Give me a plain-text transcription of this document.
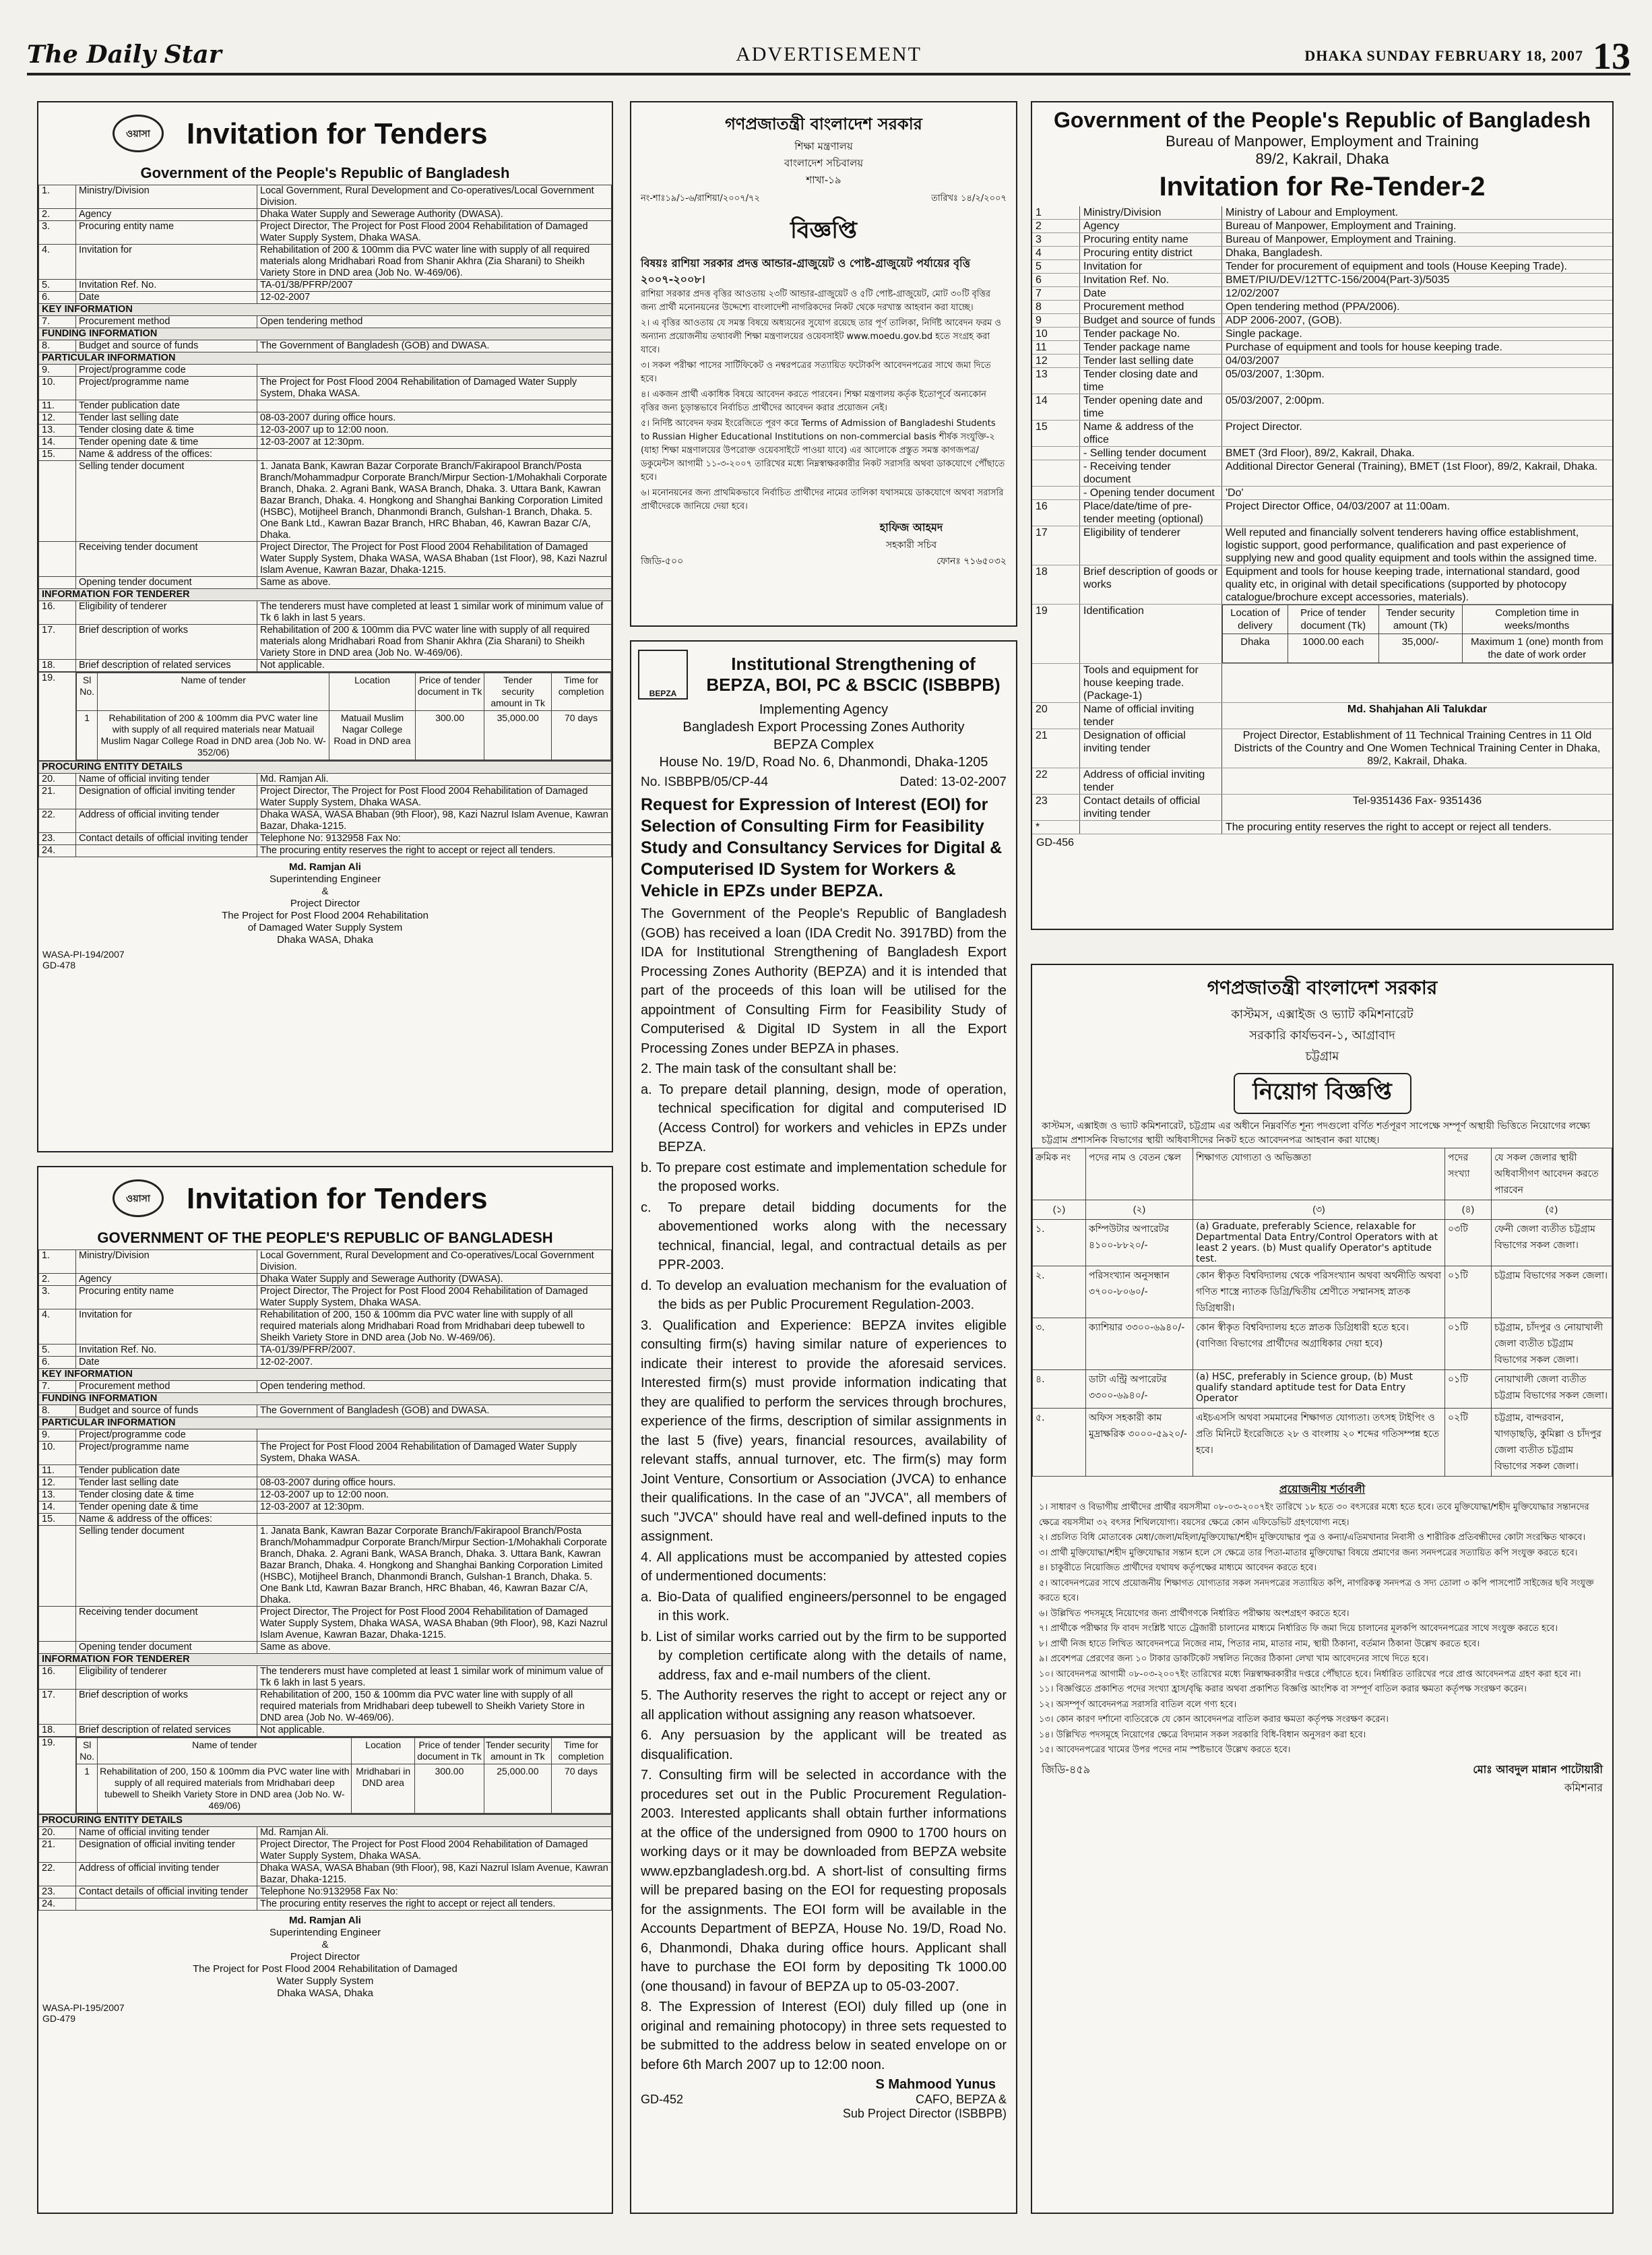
The Daily Star	ADVERTISEMENT	DHAKA SUNDAY FEBRUARY 18, 2007 13
ওয়াসা	Invitation for Tenders
Government of the People's Republic of Bangladesh
1.	Ministry/Division	Local Government, Rural Development and Co-operatives/Local Government Division.
2.	Agency	Dhaka Water Supply and Sewerage Authority (DWASA).
3.	Procuring entity name	Project Director, The Project for Post Flood 2004 Rehabilitation of Damaged Water Supply System, Dhaka WASA.
4.	Invitation for	Rehabilitation of 200 & 100mm dia PVC water line with supply of all required materials along Mridhabari Road from Shanir Akhra (Zia Sharani) to Sheikh Variety Store in DND area (Job No. W-469/06).
5.	Invitation Ref. No.	TA-01/38/PFRP/2007
6.	Date	12-02-2007
KEY INFORMATION		
7.	Procurement method	Open tendering method
FUNDING INFORMATION		
8.	Budget and source of funds	The Government of Bangladesh (GOB) and DWASA.
PARTICULAR INFORMATION		
9.	Project/programme code	
10.	Project/programme name	The Project for Post Flood 2004 Rehabilitation of Damaged Water Supply System, Dhaka WASA.
11.	Tender publication date	
12.	Tender last selling date	08-03-2007 during office hours.
13.	Tender closing date & time	12-03-2007 up to 12:00 noon.
14.	Tender opening date & time	12-03-2007 at 12:30pm.
15.	Name & address of the offices:	
	Selling tender document	1. Janata Bank, Kawran Bazar Corporate Branch/Fakirapool Branch/Posta Branch/Mohammadpur Corporate Branch/Mirpur Section-1/Mohakhali Corporate Branch, Dhaka. 2. Agrani Bank, WASA Branch, Dhaka. 3. Uttara Bank, Kawran Bazar Branch, Dhaka. 4. Hongkong and Shanghai Banking Corporation Limited (HSBC), Motijheel Branch, Dhanmondi Branch, Gulshan-1 Branch, Dhaka. 5. One Bank Ltd., Kawran Bazar Branch, HRC Bhaban, 46, Kawran Bazar C/A, Dhaka.
	Receiving tender document	Project Director, The Project for Post Flood 2004 Rehabilitation of Damaged Water Supply System, Dhaka WASA, WASA Bhaban (1st Floor), 98, Kazi Nazrul Islam Avenue, Kawran Bazar, Dhaka-1215.
	Opening tender document	Same as above.
INFORMATION FOR TENDERER		
16.	Eligibility of tenderer	The tenderers must have completed at least 1 similar work of minimum value of Tk 6 lakh in last 5 years.
17.	Brief description of works	Rehabilitation of 200 & 100mm dia PVC water line with supply of all required materials along Mridhabari Road from Shanir Akhra (Zia Sharani) to Sheikh Variety Store in DND area (Job No. W-469/06).
18.	Brief description of related services	Not applicable.
19.		Sl No.	Name of tender	Location	Price of tender document in Tk	Tender security amount in Tk	Time for completion
1	Rehabilitation of 200 & 100mm dia PVC water line with supply of all required materials near Matuail Muslim Nagar College Road in DND area (Job No. W-352/06)	Matuail Muslim Nagar College Road in DND area	300.00	35,000.00	70 days
PROCURING ENTITY DETAILS		
20.	Name of official inviting tender	Md. Ramjan Ali.
21.	Designation of official inviting tender	Project Director, The Project for Post Flood 2004 Rehabilitation of Damaged Water Supply System, Dhaka WASA.
22.	Address of official inviting tender	Dhaka WASA, WASA Bhaban (9th Floor), 98, Kazi Nazrul Islam Avenue, Kawran Bazar, Dhaka-1215.
23.	Contact details of official inviting tender	Telephone No: 9132958 Fax No:
24.		The procuring entity reserves the right to accept or reject all tenders.
Md. Ramjan Ali
Superintending Engineer
&
Project Director
The Project for Post Flood 2004 Rehabilitation
of Damaged Water Supply System
Dhaka WASA, Dhaka
WASA-PI-194/2007
GD-478
ওয়াসা	Invitation for Tenders
GOVERNMENT OF THE PEOPLE'S REPUBLIC OF BANGLADESH
1.	Ministry/Division	Local Government, Rural Development and Co-operatives/Local Government Division.
2.	Agency	Dhaka Water Supply and Sewerage Authority (DWASA).
3.	Procuring entity name	Project Director, The Project for Post Flood 2004 Rehabilitation of Damaged Water Supply System, Dhaka WASA.
4.	Invitation for	Rehabilitation of 200, 150 & 100mm dia PVC water line with supply of all required materials along Mridhabari Road from Mridhabari deep tubewell to Sheikh Variety Store in DND area (Job No. W-469/06).
5.	Invitation Ref. No.	TA-01/39/PFRP/2007.
6.	Date	12-02-2007.
KEY INFORMATION		
7.	Procurement method	Open tendering method.
FUNDING INFORMATION		
8.	Budget and source of funds	The Government of Bangladesh (GOB) and DWASA.
PARTICULAR INFORMATION		
9.	Project/programme code	
10.	Project/programme name	The Project for Post Flood 2004 Rehabilitation of Damaged Water Supply System, Dhaka WASA.
11.	Tender publication date	
12.	Tender last selling date	08-03-2007 during office hours.
13.	Tender closing date & time	12-03-2007 up to 12:00 noon.
14.	Tender opening date & time	12-03-2007 at 12:30pm.
15.	Name & address of the offices:	
	Selling tender document	1. Janata Bank, Kawran Bazar Corporate Branch/Fakirapool Branch/Posta Branch/Mohammadpur Corporate Branch/Mirpur Section-1/Mohakhali Corporate Branch, Dhaka. 2. Agrani Bank, WASA Branch, Dhaka. 3. Uttara Bank, Kawran Bazar Branch, Dhaka. 4. Hongkong and Shanghai Banking Corporation Limited (HSBC), Motijheel Branch, Dhanmondi Branch, Gulshan-1 Branch, Dhaka. 5. One Bank Ltd, Kawran Bazar Branch, HRC Bhaban, 46, Kawran Bazar C/A, Dhaka.
	Receiving tender document	Project Director, The Project for Post Flood 2004 Rehabilitation of Damaged Water Supply System, Dhaka WASA, WASA Bhaban (9th Floor), 98, Kazi Nazrul Islam Avenue, Kawran Bazar, Dhaka-1215.
	Opening tender document	Same as above.
INFORMATION FOR TENDERER		
16.	Eligibility of tenderer	The tenderers must have completed at least 1 similar work of minimum value of Tk 6 lakh in last 5 years.
17.	Brief description of works	Rehabilitation of 200, 150 & 100mm dia PVC water line with supply of all required materials from Mridhabari deep tubewell to Sheikh Variety Store in DND area (Job No. W-469/06).
18.	Brief description of related services	Not applicable.
19.		Sl No.	Name of tender	Location	Price of tender document in Tk	Tender security amount in Tk	Time for completion
1	Rehabilitation of 200, 150 & 100mm dia PVC water line with supply of all required materials from Mridhabari deep tubewell to Sheikh Variety Store in DND area (Job No. W-469/06)	Mridhabari in DND area	300.00	25,000.00	70 days
PROCURING ENTITY DETAILS		
20.	Name of official inviting tender	Md. Ramjan Ali.
21.	Designation of official inviting tender	Project Director, The Project for Post Flood 2004 Rehabilitation of Damaged Water Supply System, Dhaka WASA.
22.	Address of official inviting tender	Dhaka WASA, WASA Bhaban (9th Floor), 98, Kazi Nazrul Islam Avenue, Kawran Bazar, Dhaka-1215.
23.	Contact details of official inviting tender	Telephone No:9132958 Fax No:
24.		The procuring entity reserves the right to accept or reject all tenders.
Md. Ramjan Ali
Superintending Engineer
&
Project Director
The Project for Post Flood 2004 Rehabilitation of Damaged
Water Supply System
Dhaka WASA, Dhaka
WASA-PI-195/2007
GD-479
গণপ্রজাতন্ত্রী বাংলাদেশ সরকার
শিক্ষা মন্ত্রণালয়
বাংলাদেশ সচিবালয়
শাখা-১৯
নং-শাঃ১৯/১-৬/রাশিয়া/২০০৭/৭২	তারিখঃ ১৪/২/২০০৭
বিজ্ঞপ্তি
বিষয়ঃ রাশিয়া সরকার প্রদত্ত আন্ডার-গ্রাজুয়েট ও পোষ্ট-গ্রাজুয়েট পর্যায়ের বৃত্তি ২০০৭-২০০৮।
রাশিয়া সরকার প্রদত্ত বৃত্তির আওতায় ২৩টি আন্ডার-গ্রাজুয়েট ও ৫টি পোষ্ট-গ্রাজুয়েট, মোট ৩০টি বৃত্তির জন্য প্রার্থী মনোনয়নের উদ্দেশ্যে বাংলাদেশী নাগরিকদের নিকট থেকে দরখাস্ত আহবান করা যাচ্ছে।
২। এ বৃত্তির আওতায় যে সমস্ত বিষয়ে অধ্যয়নের সুযোগ রয়েছে তার পূর্ণ তালিকা, নির্দিষ্ট আবেদন ফরম ও অন্যান্য প্রয়োজনীয় তথ্যাবলী শিক্ষা মন্ত্রণালয়ের ওয়েবসাইট www.moedu.gov.bd হতে সংগ্রহ করা যাবে।
৩। সকল পরীক্ষা পাসের সার্টিফিকেট ও নম্বরপত্রের সত্যায়িত ফটোকপি আবেদনপত্রের সাথে জমা দিতে হবে।
৪। একজন প্রার্থী একাধিক বিষয়ে আবেদন করতে পারবেন। শিক্ষা মন্ত্রণালয় কর্তৃক ইতোপূর্বে অন্যকোন বৃত্তির জন্য চূড়ান্তভাবে নির্বাচিত প্রার্থীদের আবেদন করার প্রয়োজন নেই।
৫। নির্দিষ্ট আবেদন ফরম ইংরেজিতে পূরণ করে Terms of Admission of Bangladeshi Students to Russian Higher Educational Institutions on non-commercial basis শীর্ষক সংযুক্তি-২ (যাহা শিক্ষা মন্ত্রণালয়ের উপরোক্ত ওয়েবসাইটে পাওয়া যাবে) এর আলোকে প্রস্তুত সমস্ত কাগজপত্র/ডকুমেন্টস আগামী ১১-৩-২০০৭ তারিখের মধ্যে নিম্নস্বাক্ষরকারীর নিকট সরাসরি অথবা ডাকযোগে পৌঁছাতে হবে।
৬। মনোনয়নের জন্য প্রাথমিকভাবে নির্বাচিত প্রার্থীদের নামের তালিকা যথাসময়ে ডাকযোগে অথবা সরাসরি প্রার্থীদেরকে জানিয়ে দেয়া হবে।
হাফিজ আহমদ
সহকারী সচিব
জিডি-৫০০	ফোনঃ ৭১৬৫০৩২
BEPZA
Institutional Strengthening of BEPZA, BOI, PC & BSCIC (ISBBPB)
Implementing Agency
Bangladesh Export Processing Zones Authority
BEPZA Complex
House No. 19/D, Road No. 6, Dhanmondi, Dhaka-1205
No. ISBBPB/05/CP-44	Dated: 13-02-2007
Request for Expression of Interest (EOI) for Selection of Consulting Firm for Feasibility Study and Consultancy Services for Digital & Computerised ID System for Workers & Vehicle in EPZs under BEPZA.

The Government of the People's Republic of Bangladesh (GOB) has received a loan (IDA Credit No. 3917BD) from the IDA for Institutional Strengthening of Bangladesh Export Processing Zones Authority (BEPZA) and it is intended that part of the proceeds of this loan will be utilised for the appointment of Consulting Firm for Feasibility Study of Computerised & Digital ID System in all the Export Processing Zones under BEPZA in phases.

2. The main task of the consultant shall be:

a. To prepare detail planning, design, mode of operation, technical specification for digital and computerised ID (Access Control) for workers and vehicles in EPZs under BEPZA.

b. To prepare cost estimate and implementation schedule for the proposed works.

c. To prepare detail bidding documents for the abovementioned works along with the necessary technical, financial, legal, and contractual details as per PPR-2003.

d. To develop an evaluation mechanism for the evaluation of the bids as per Public Procurement Regulation-2003.

3. Qualification and Experience: BEPZA invites eligible consulting firm(s) having similar nature of experiences to indicate their interest to provide the aforesaid services. Interested firm(s) must provide information indicating that they are qualified to perform the services through brochures, experience of the firms, description of similar assignments in the last 5 (five) years, financial resources, availability of relevant staffs, annual turnover, etc. The firm(s) may form Joint Venture, Consortium or Association (JVCA) to enhance their qualifications. In the case of an "JVCA", all members of such "JVCA" should have real and well-defined inputs to the assignment.

4. All applications must be accompanied by attested copies of undermentioned documents:

a. Bio-Data of qualified engineers/personnel to be engaged in this work.

b. List of similar works carried out by the firm to be supported by completion certificate along with the details of name, address, fax and e-mail numbers of the client.

5. The Authority reserves the right to accept or reject any or all application without assigning any reason whatsoever.

6. Any persuasion by the applicant will be treated as disqualification.

7. Consulting firm will be selected in accordance with the procedures set out in the Public Procurement Regulation-2003. Interested applicants shall obtain further informations at the office of the undersigned from 0900 to 1700 hours on working days or it may be downloaded from BEPZA website www.epzbangladesh.org.bd. A short-list of consulting firms will be prepared basing on the EOI for requesting proposals for the assignments. The EOI form will be available in the Accounts Department of BEPZA, House No. 19/D, Road No. 6, Dhanmondi, Dhaka during office hours. Applicant shall have to purchase the EOI form by depositing Tk 1000.00 (one thousand) in favour of BEPZA up to 05-03-2007.

8. The Expression of Interest (EOI) duly filled up (one in original and remaining photocopy) in three sets requested to be submitted to the address below in seated envelope on or before 6th March 2007 up to 12:00 noon.

S Mahmood Yunus
GD-452	CAFO, BEPZA &
Sub Project Director (ISBBPB)
Government of the People's Republic of Bangladesh
Bureau of Manpower, Employment and Training
89/2, Kakrail, Dhaka
Invitation for Re-Tender-2
1	Ministry/Division	Ministry of Labour and Employment.
2	Agency	Bureau of Manpower, Employment and Training.
3	Procuring entity name	Bureau of Manpower, Employment and Training.
4	Procuring entity district	Dhaka, Bangladesh.
5	Invitation for	Tender for procurement of equipment and tools (House Keeping Trade).
6	Invitation Ref. No.	BMET/PIU/DEV/12TTC-156/2004(Part-3)/5035
7	Date	12/02/2007
8	Procurement method	Open tendering method (PPA/2006).
9	Budget and source of funds	ADP 2006-2007, (GOB).
10	Tender package No.	Single package.
11	Tender package name	Purchase of equipment and tools for house keeping trade.
12	Tender last selling date	04/03/2007
13	Tender closing date and time	05/03/2007, 1:30pm.
14	Tender opening date and time	05/03/2007, 2:00pm.
15	Name & address of the office	Project Director.
	- Selling tender document	BMET (3rd Floor), 89/2, Kakrail, Dhaka.
	- Receiving tender document	Additional Director General (Training), BMET (1st Floor), 89/2, Kakrail, Dhaka.
	- Opening tender document	'Do'
16	Place/date/time of pre-tender meeting (optional)	Project Director Office, 04/03/2007 at 11:00am.
17	Eligibility of tenderer	Well reputed and financially solvent tenderers having office establishment, logistic support, good performance, qualification and past experience of supplying new and good quality equipment and tools within the assigned time.
18	Brief description of goods or works	Equipment and tools for house keeping trade, international standard, good quality etc, in original with detail specifications (supported by photocopy catalogue/brochure except accessories, materials).
19	Identification		Location of delivery	Price of tender document (Tk)	Tender security amount (Tk)	Completion time in weeks/months
Dhaka	1000.00 each	35,000/-	Maximum 1 (one) month from the date of work order

	Tools and equipment for house keeping trade. (Package-1)	
20	Name of official inviting tender	Md. Shahjahan Ali Talukdar
21	Designation of official inviting tender	Project Director, Establishment of 11 Technical Training Centres in 11 Old Districts of the Country and One Women Technical Training Center in Dhaka, 89/2, Kakrail, Dhaka.
22	Address of official inviting tender	
23	Contact details of official inviting tender	Tel-9351436 Fax- 9351436
*		The procuring entity reserves the right to accept or reject all tenders.
GD-456
গণপ্রজাতন্ত্রী বাংলাদেশ সরকার
কাস্টমস, এক্সাইজ ও ভ্যাট কমিশনারেট
সরকারি কার্যভবন-১, আগ্রাবাদ
চট্টগ্রাম
নিয়োগ বিজ্ঞপ্তি
কাস্টমস, এক্সাইজ ও ভ্যাট কমিশনারেট, চট্টগ্রাম এর অধীনে নিম্নবর্ণিত শূন্য পদগুলো বর্ণিত শর্তপূরণ সাপেক্ষে সম্পূর্ণ অস্থায়ী ভিত্তিতে নিয়োগের লক্ষ্যে চট্টগ্রাম প্রশাসনিক বিভাগের স্থায়ী অধিবাসীদের নিকট হতে আবেদনপত্র আহবান করা যাচ্ছে।
ক্রমিক নং	পদের নাম ও বেতন স্কেল	শিক্ষাগত যোগ্যতা ও অভিজ্ঞতা	পদের সংখ্যা	যে সকল জেলার স্থায়ী অধিবাসীগণ আবেদন করতে পারবেন
(১)	(২)	(৩)	(৪)	(৫)
১.	কম্পিউটার অপারেটর ৪১০০-৮৮২০/-	(a) Graduate, preferably Science, relaxable for Departmental Data Entry/Control Operators with at least 2 years. (b) Must qualify Operator's aptitude test.	০৩টি	ফেনী জেলা ব্যতীত চট্টগ্রাম বিভাগের সকল জেলা।
২.	পরিসংখ্যান অনুসন্ধান ৩৭০০-৮০৬০/-	কোন স্বীকৃত বিশ্ববিদ্যালয় থেকে পরিসংখ্যান অথবা অর্থনীতি অথবা গণিত শাস্ত্রে ন্যাতক ডিগ্রি/দ্বিতীয় শ্রেণীতে সম্মানসহ স্নাতক ডিগ্রিধারী।	০১টি	চট্টগ্রাম বিভাগের সকল জেলা।
৩.	ক্যাশিয়ার ৩৩০০-৬৯৪০/-	কোন স্বীকৃত বিশ্ববিদ্যালয় হতে স্নাতক ডিগ্রিধারী হতে হবে। (বাণিজ্য বিভাগের প্রার্থীদের অগ্রাধিকার দেয়া হবে)	০১টি	চট্টগ্রাম, চাঁদপুর ও নোয়াখালী জেলা ব্যতীত চট্টগ্রাম বিভাগের সকল জেলা।
৪.	ডাটা এন্ট্রি অপারেটর ৩৩০০-৬৯৪০/-	(a) HSC, preferably in Science group, (b) Must qualify standard aptitude test for Data Entry Operator	০১টি	নোয়াখালী জেলা ব্যতীত চট্টগ্রাম বিভাগের সকল জেলা।
৫.	অফিস সহকারী কাম মুদ্রাক্ষরিক ৩০০০-৫৯২০/-	এইচএসসি অথবা সমমানের শিক্ষাগত যোগ্যতা। তৎসহ টাইপিং ও প্রতি মিনিটে ইংরেজিতে ২৮ ও বাংলায় ২০ শব্দের গতিসম্পন্ন হতে হবে।	০২টি	চট্টগ্রাম, বান্দরবান, খাগড়াছড়ি, কুমিল্লা ও চাঁদপুর জেলা ব্যতীত চট্টগ্রাম বিভাগের সকল জেলা।
প্রয়োজনীয় শর্তাবলী
১। সাধারণ ও বিভাগীয় প্রার্থীদের প্রার্থীর বয়সসীমা ০৮-০৩-২০০৭ইং তারিখে ১৮ হতে ৩০ বৎসরের মধ্যে হতে হবে। তবে মুক্তিযোদ্ধা/শহীদ মুক্তিযোদ্ধার সন্তানদের ক্ষেত্রে বয়সসীমা ৩২ বৎসর শিথিলযোগ্য। বয়সের ক্ষেত্রে কোন এফিডেভিট গ্রহণযোগ্য নহে।
২। প্রচলিত বিধি মোতাবেক মেধা/জেলা/মহিলা/মুক্তিযোদ্ধা/শহীদ মুক্তিযোদ্ধার পুত্র ও কন্যা/এতিমখানার নিবাসী ও শারীরিক প্রতিবন্ধীদের কোটা সংরক্ষিত থাকবে।
৩। প্রার্থী মুক্তিযোদ্ধা/শহীদ মুক্তিযোদ্ধার সন্তান হলে সে ক্ষেত্রে তার পিতা-মাতার মুক্তিযোদ্ধা বিষয়ে প্রমাণের জন্য সনদপত্রের সত্যায়িত কপি সংযুক্ত করতে হবে।
৪। চাকুরীতে নিয়োজিত প্রার্থীদের যথাযথ কর্তৃপক্ষের মাধ্যমে আবেদন করতে হবে।
৫। আবেদনপত্রের সাথে প্রয়োজনীয় শিক্ষাগত যোগ্যতার সকল সনদপত্রের সত্যায়িত কপি, নাগরিকত্ব সনদপত্র ও সদ্য তোলা ৩ কপি পাসপোর্ট সাইজের ছবি সংযুক্ত করতে হবে।
৬। উল্লিখিত পদসমূহে নিয়োগের জন্য প্রার্থীগণকে নির্ধারিত পরীক্ষায় অংশগ্রহণ করতে হবে।
৭। প্রার্থীকে পরীক্ষার ফি বাবদ সংশ্লিষ্ট খাতে ট্রেজারী চালানের মাধ্যমে নির্ধারিত ফি জমা দিয়ে চালানের মূলকপি আবেদনপত্রের সাথে সংযুক্ত করতে হবে।
৮। প্রার্থী নিজ হাতে লিখিত আবেদনপত্রে নিজের নাম, পিতার নাম, মাতার নাম, স্থায়ী ঠিকানা, বর্তমান ঠিকানা উল্লেখ করতে হবে।
৯। প্রবেশপত্র প্রেরণের জন্য ১০ টাকার ডাকটিকেট সম্বলিত নিজের ঠিকানা লেখা খাম আবেদনের সাথে দিতে হবে।
১০। আবেদনপত্র আগামী ০৮-০৩-২০০৭ইং তারিখের মধ্যে নিম্নস্বাক্ষরকারীর দপ্তরে পৌঁছাতে হবে। নির্ধারিত তারিখের পরে প্রাপ্ত আবেদনপত্র গ্রহণ করা হবে না।
১১। বিজ্ঞপ্তিতে প্রকাশিত পদের সংখ্যা হ্রাস/বৃদ্ধি করার অথবা প্রকাশিত বিজ্ঞপ্তি আংশিক বা সম্পূর্ণ বাতিল করার ক্ষমতা কর্তৃপক্ষ সংরক্ষণ করেন।
১২। অসম্পূর্ণ আবেদনপত্র সরাসরি বাতিল বলে গণ্য হবে।
১৩। কোন কারণ দর্শানো ব্যতিরেকে যে কোন আবেদনপত্র বাতিল করার ক্ষমতা কর্তৃপক্ষ সংরক্ষণ করেন।
১৪। উল্লিখিত পদসমূহে নিয়োগের ক্ষেত্রে বিদ্যমান সকল সরকারি বিধি-বিধান অনুসরণ করা হবে।
১৫। আবেদনপত্রের খামের উপর পদের নাম স্পষ্টভাবে উল্লেখ করতে হবে।
জিডি-৪৫৯	মোঃ আবদুল মান্নান পাটোয়ারী
কমিশনার
